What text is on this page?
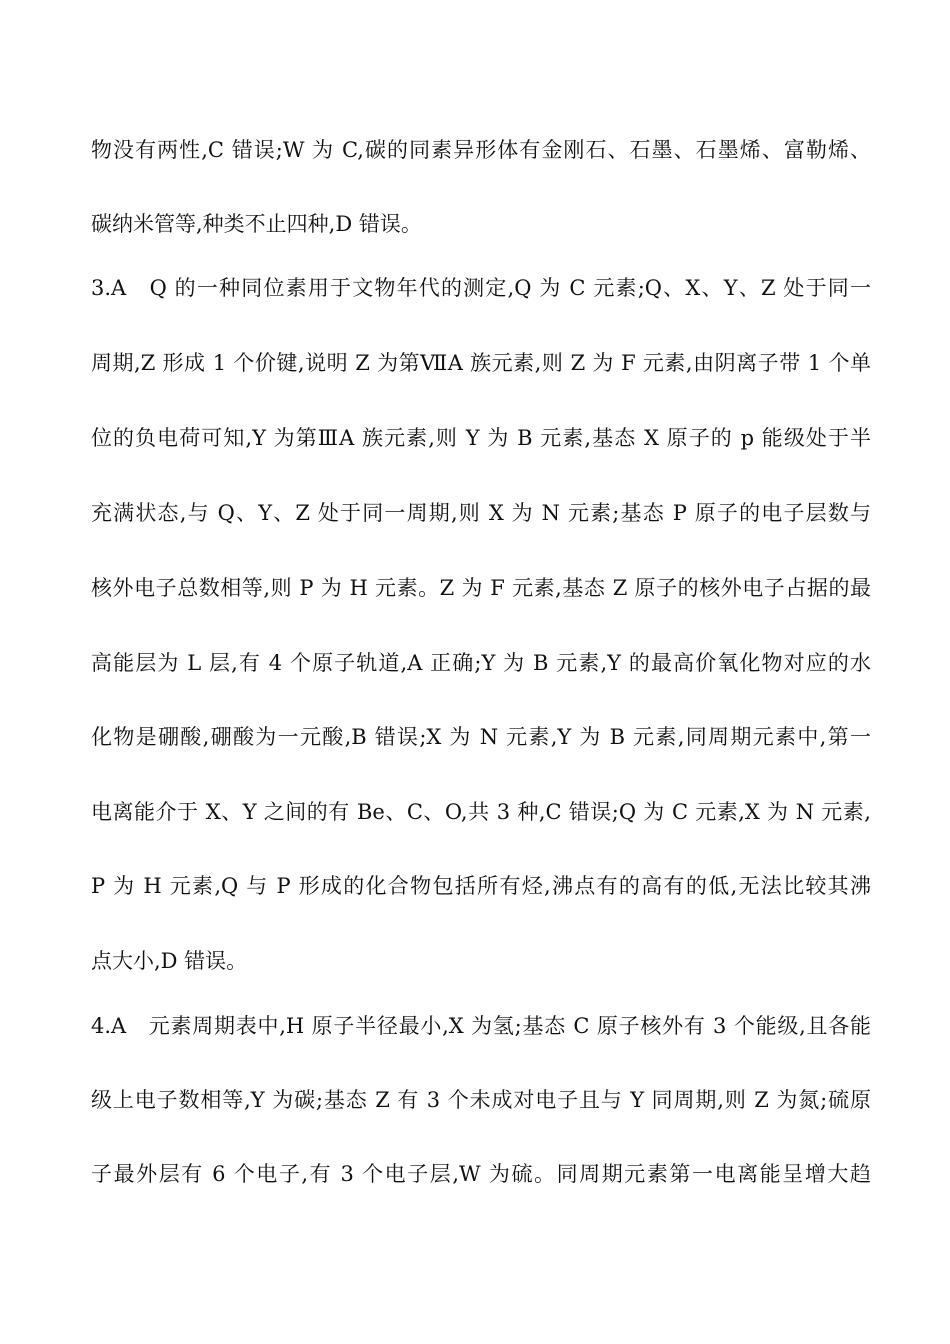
物没有两性,C 错误;W 为 C,碳的同素异形体有金刚石、石墨、石墨烯、富勒烯、
碳纳米管等,种类不止四种,D 错误。
3.A　Q 的一种同位素用于文物年代的测定,Q 为 C 元素;Q、X、Y、Z 处于同一
周期,Z 形成 1 个价键,说明 Z 为第ⅦA 族元素,则 Z 为 F 元素,由阴离子带 1 个单
位的负电荷可知,Y 为第ⅢA 族元素,则 Y 为 B 元素,基态 X 原子的 p 能级处于半
充满状态,与 Q、Y、Z 处于同一周期,则 X 为 N 元素;基态 P 原子的电子层数与
核外电子总数相等,则 P 为 H 元素。Z 为 F 元素,基态 Z 原子的核外电子占据的最
高能层为 L 层,有 4 个原子轨道,A 正确;Y 为 B 元素,Y 的最高价氧化物对应的水
化物是硼酸,硼酸为一元酸,B 错误;X 为 N 元素,Y 为 B 元素,同周期元素中,第一
电离能介于 X、Y 之间的有 Be、C、O,共 3 种,C 错误;Q 为 C 元素,X 为 N 元素,
P 为 H 元素,Q 与 P 形成的化合物包括所有烃,沸点有的高有的低,无法比较其沸
点大小,D 错误。
4.A　元素周期表中,H 原子半径最小,X 为氢;基态 C 原子核外有 3 个能级,且各能
级上电子数相等,Y 为碳;基态 Z 有 3 个未成对电子且与 Y 同周期,则 Z 为氮;硫原
子最外层有 6 个电子,有 3 个电子层,W 为硫。同周期元素第一电离能呈增大趋
